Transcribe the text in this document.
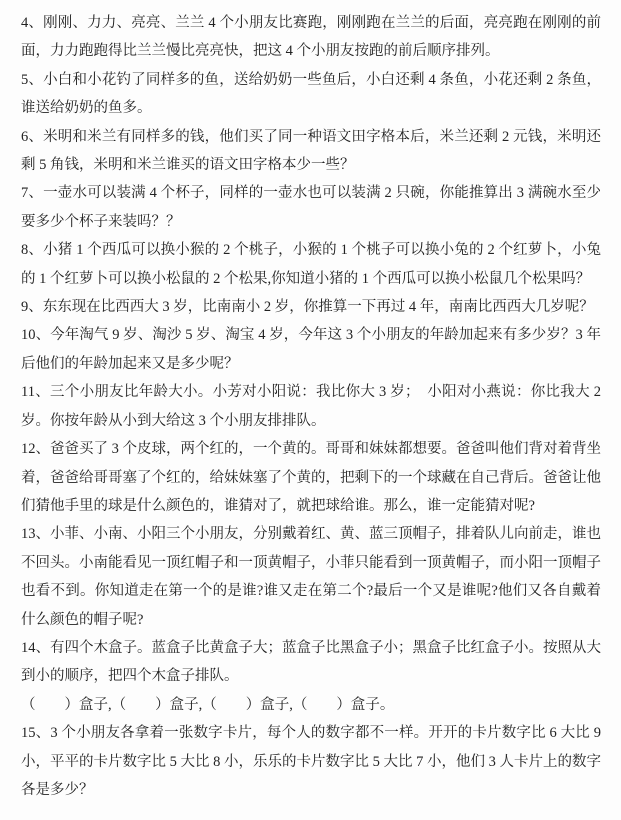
4、刚刚、力力、亮亮、兰兰 4 个小朋友比赛跑，刚刚跑在兰兰的后面，亮亮跑在刚刚的前面，力力跑跑得比兰兰慢比亮亮快，把这 4 个小朋友按跑的前后顺序排列。

5、小白和小花钓了同样多的鱼，送给奶奶一些鱼后，小白还剩 4 条鱼，小花还剩 2 条鱼，谁送给奶奶的鱼多。

6、米明和米兰有同样多的钱，他们买了同一种语文田字格本后，米兰还剩 2 元钱，米明还剩 5 角钱，米明和米兰谁买的语文田字格本少一些？

7、一壶水可以装满 4 个杯子，同样的一壶水也可以装满 2 只碗，你能推算出 3 满碗水至少要多少个杯子来装吗？？

8、小猪 1 个西瓜可以换小猴的 2 个桃子，小猴的 1 个桃子可以换小兔的 2 个红萝卜，小兔的 1 个红萝卜可以换小松鼠的 2 个松果,你知道小猪的 1 个西瓜可以换小松鼠几个松果吗？

9、东东现在比西西大 3 岁，比南南小 2 岁，你推算一下再过 4 年，南南比西西大几岁呢？

10、今年淘气 9 岁、淘沙 5 岁、淘宝 4 岁，今年这 3 个小朋友的年龄加起来有多少岁？3 年后他们的年龄加起来又是多少呢？

11、三个小朋友比年龄大小。小芳对小阳说：我比你大 3 岁；　小阳对小燕说：你比我大 2 岁。你按年龄从小到大给这 3 个小朋友排排队。

12、爸爸买了 3 个皮球，两个红的，一个黄的。哥哥和妹妹都想要。爸爸叫他们背对着背坐着，爸爸给哥哥塞了个红的，给妹妹塞了个黄的，把剩下的一个球藏在自己背后。爸爸让他们猜他手里的球是什么颜色的，谁猜对了，就把球给谁。那么，谁一定能猜对呢?

13、小菲、小南、小阳三个小朋友，分别戴着红、黄、蓝三顶帽子，排着队儿向前走，谁也不回头。小南能看见一顶红帽子和一顶黄帽子，小菲只能看到一顶黄帽子，而小阳一顶帽子也看不到。你知道走在第一个的是谁?谁又走在第二个?最后一个又是谁呢?他们又各自戴着什么颜色的帽子呢?

14、有四个木盒子。蓝盒子比黄盒子大；蓝盒子比黑盒子小；黑盒子比红盒子小。按照从大到小的顺序，把四个木盒子排队。

（　　）盒子,（　　）盒子,（　　）盒子,（　　）盒子。

15、3 个小朋友各拿着一张数字卡片，每个人的数字都不一样。开开的卡片数字比 6 大比 9 小，平平的卡片数字比 5 大比 8 小，乐乐的卡片数字比 5 大比 7 小，他们 3 人卡片上的数字各是多少？
